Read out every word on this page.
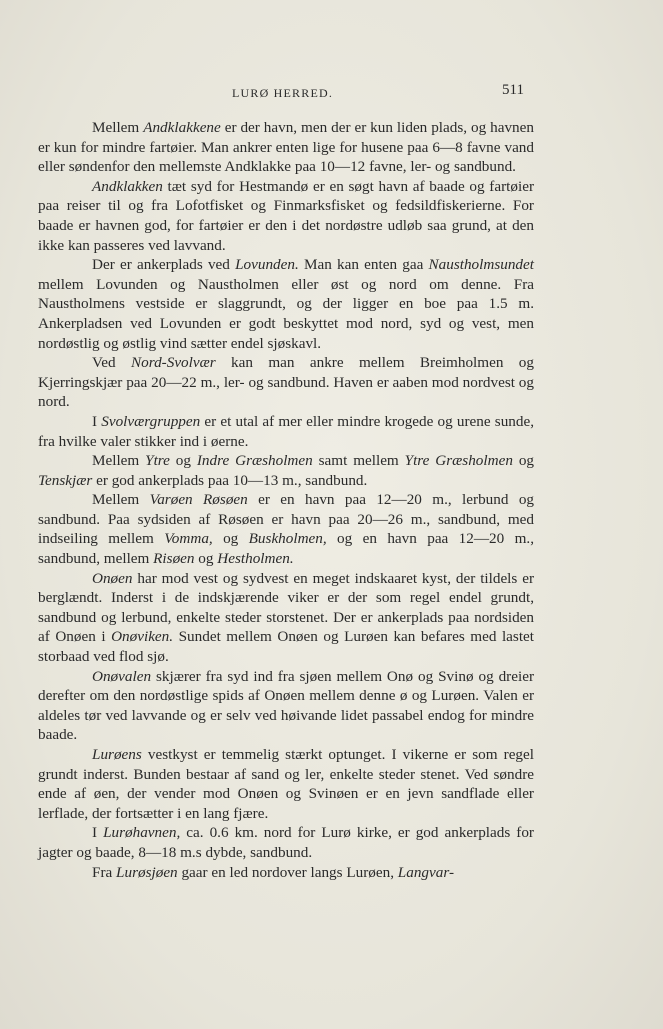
LURØ HERRED.	511

Mellem Andklakkene er der havn, men der er kun liden plads, og havnen er kun for mindre fartøier. Man ankrer enten lige for husene paa 6—8 favne vand eller søndenfor den mellemste Andklakke paa 10—12 favne, ler- og sandbund.

Andklakken tæt syd for Hestmandø er en søgt havn af baade og fartøier paa reiser til og fra Lofotfisket og Finmarksfisket og fedsildfiskerierne. For baade er havnen god, for fartøier er den i det nordøstre udløb saa grund, at den ikke kan passeres ved lavvand.

Der er ankerplads ved Lovunden. Man kan enten gaa Naustholmsundet mellem Lovunden og Naustholmen eller øst og nord om denne. Fra Naustholmens vestside er slaggrundt, og der ligger en boe paa 1.5 m. Ankerpladsen ved Lovunden er godt beskyttet mod nord, syd og vest, men nordøstlig og østlig vind sætter endel sjøskavl.

Ved Nord-Svolvær kan man ankre mellem Breimholmen og Kjerringskjær paa 20—22 m., ler- og sandbund. Haven er aaben mod nordvest og nord.

I Svolværgruppen er et utal af mer eller mindre krogede og urene sunde, fra hvilke valer stikker ind i øerne.

Mellem Ytre og Indre Græsholmen samt mellem Ytre Græsholmen og Tenskjær er god ankerplads paa 10—13 m., sandbund.

Mellem Varøen Røsøen er en havn paa 12—20 m., lerbund og sandbund. Paa sydsiden af Røsøen er havn paa 20—26 m., sandbund, med indseiling mellem Vomma, og Buskholmen, og en havn paa 12—20 m., sandbund, mellem Risøen og Hestholmen.

Onøen har mod vest og sydvest en meget indskaaret kyst, der tildels er berglændt. Inderst i de indskjærende viker er der som regel endel grundt, sandbund og lerbund, enkelte steder storstenet. Der er ankerplads paa nordsiden af Onøen i Onøviken. Sundet mellem Onøen og Lurøen kan befares med lastet storbaad ved flod sjø.

Onøvalen skjærer fra syd ind fra sjøen mellem Onø og Svinø og dreier derefter om den nordøstlige spids af Onøen mellem denne ø og Lurøen. Valen er aldeles tør ved lavvande og er selv ved høivande lidet passabel endog for mindre baade.

Lurøens vestkyst er temmelig stærkt optunget. I vikerne er som regel grundt inderst. Bunden bestaar af sand og ler, enkelte steder stenet. Ved søndre ende af øen, der vender mod Onøen og Svinøen er en jevn sandflade eller lerflade, der fortsætter i en lang fjære.

I Lurøhavnen, ca. 0.6 km. nord for Lurø kirke, er god ankerplads for jagter og baade, 8—18 m.s dybde, sandbund.

Fra Lurøsjøen gaar en led nordover langs Lurøen, Langvar-
